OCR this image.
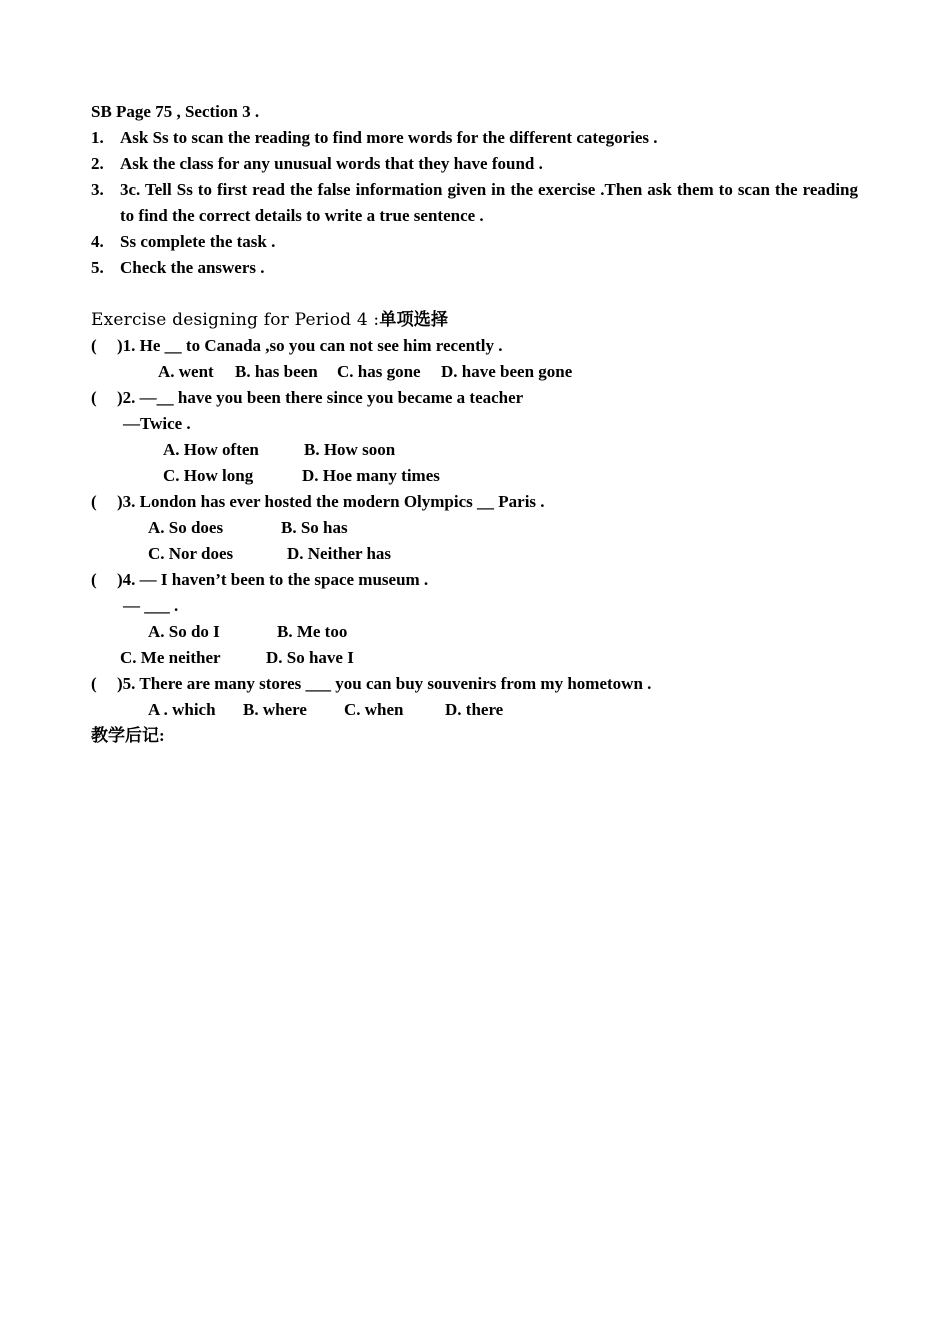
SB Page 75 , Section 3 .
1. Ask Ss to scan the reading to find more words for the different categories .
2. Ask the class for any unusual words that they have found .
3. 3c. Tell Ss to first read the false information given in the exercise .Then ask them to scan the reading to find the correct details to write a true sentence .
4. Ss complete the task .
5. Check the answers .
Exercise designing for Period 4 :单项选择
( )1. He __ to Canada ,so you can not see him recently .
A. went B. has been C. has gone D. have been gone
( )2. —__ have you been there since you became a teacher
—Twice .
A. How often	B. How soon
C. How long	D. Hoe many times
( )3. London has ever hosted the modern Olympics __ Paris .
A. So does	B. So has
C. Nor does	D. Neither has
( )4. — I haven’t been to the space museum .
— ___ .
A. So do I	B. Me too
C. Me neither	D. So have I
( )5. There are many stores ___ you can buy souvenirs from my hometown .
A . which B. where C. when D. there
教学后记:
